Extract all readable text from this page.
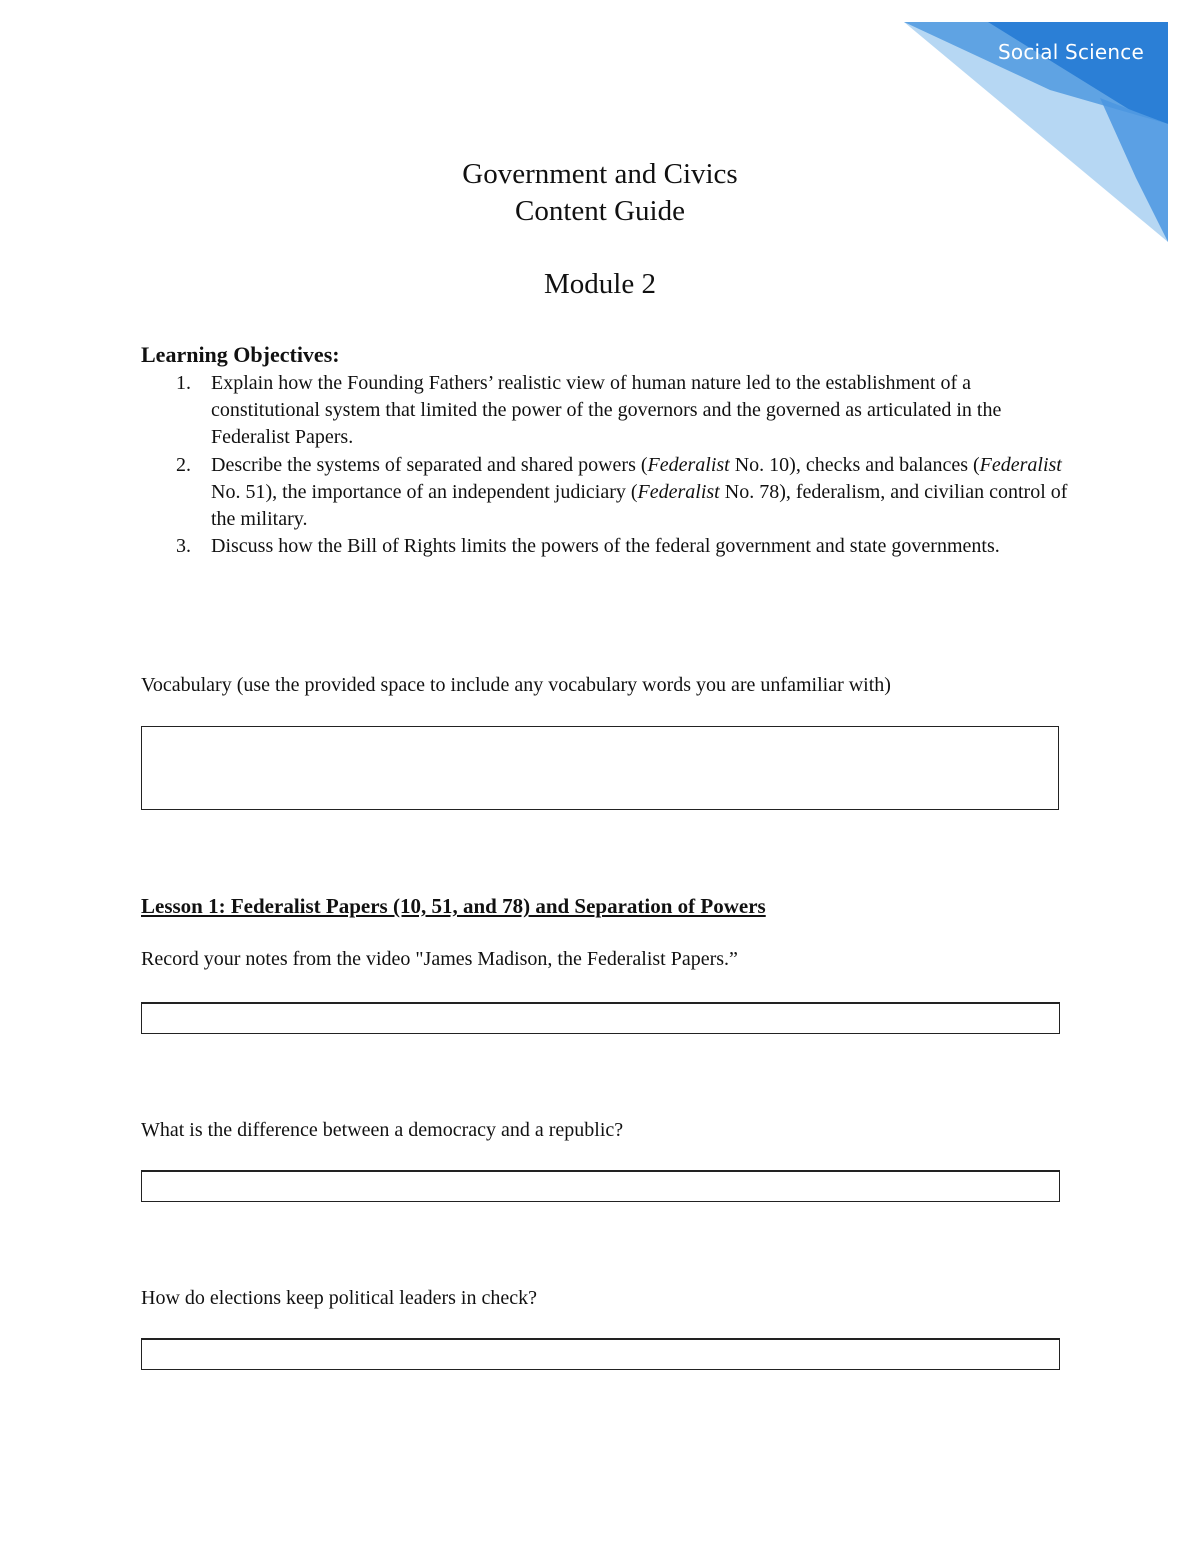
Social Science
Government and Civics
Content Guide
Module 2
Learning Objectives:
1. Explain how the Founding Fathers’ realistic view of human nature led to the establishment of a constitutional system that limited the power of the governors and the governed as articulated in the Federalist Papers.
2. Describe the systems of separated and shared powers (Federalist No. 10), checks and balances (Federalist No. 51), the importance of an independent judiciary (Federalist No. 78), federalism, and civilian control of the military.
3. Discuss how the Bill of Rights limits the powers of the federal government and state governments.
Vocabulary (use the provided space to include any vocabulary words you are unfamiliar with)
Lesson 1: Federalist Papers (10, 51, and 78) and Separation of Powers
Record your notes from the video "James Madison, the Federalist Papers.”
What is the difference between a democracy and a republic?
How do elections keep political leaders in check?
